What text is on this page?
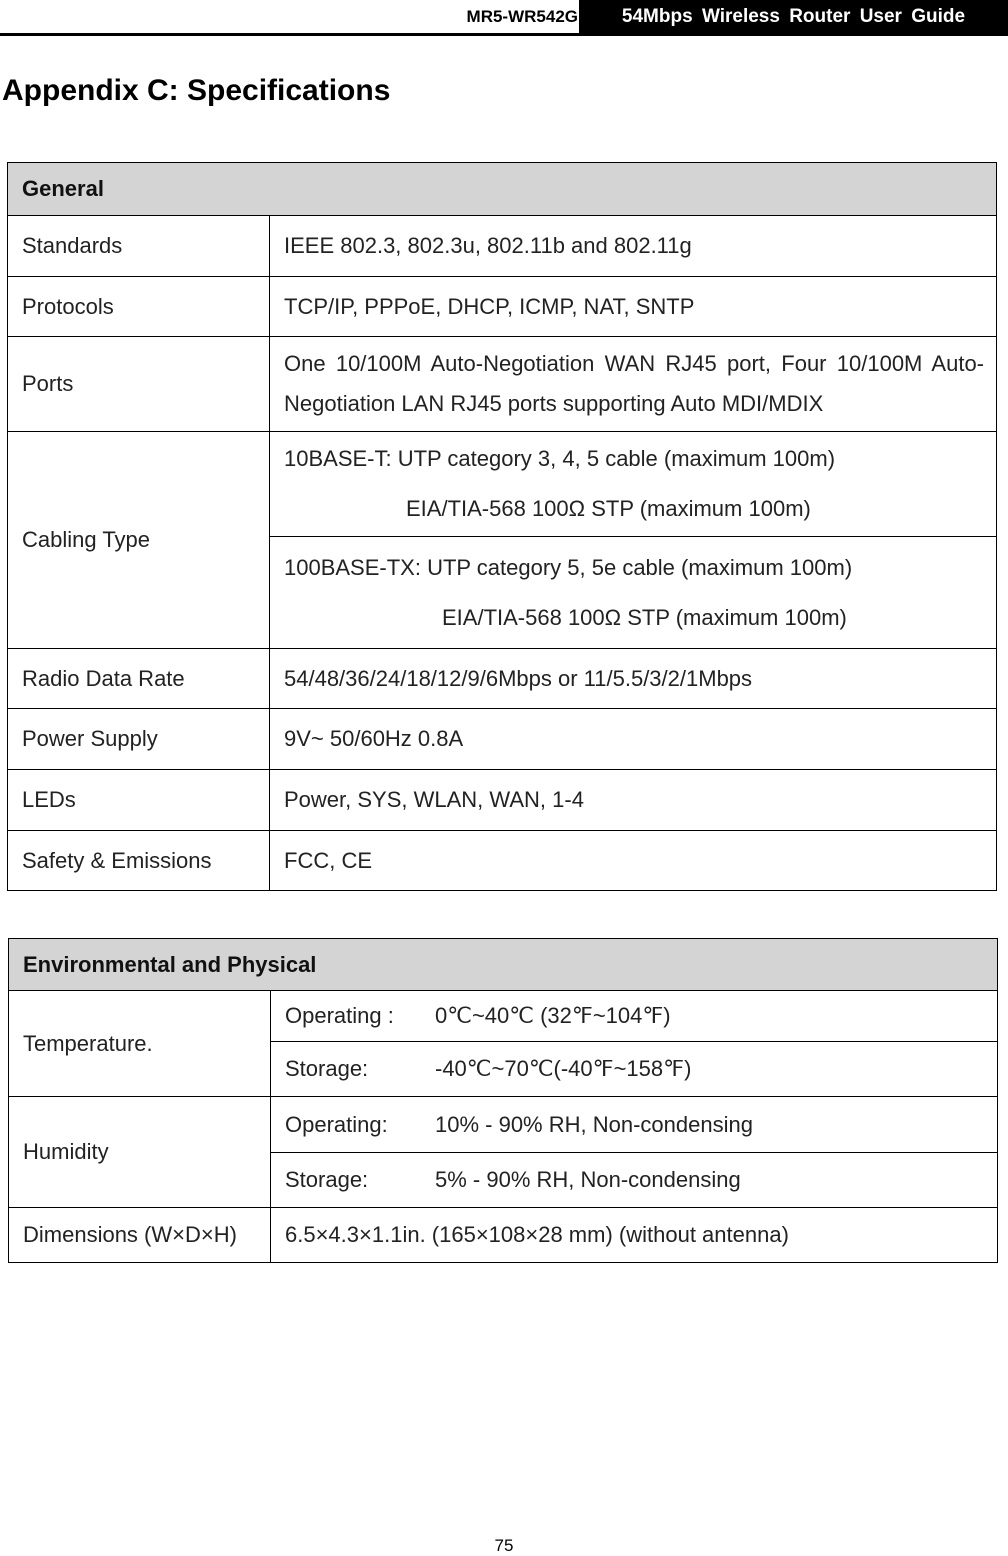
MR5-WR542G	54Mbps Wireless Router User Guide
Appendix C: Specifications
General	
Standards	IEEE 802.3, 802.3u, 802.11b and 802.11g
Protocols	TCP/IP, PPPoE, DHCP, ICMP, NAT, SNTP
Ports	One 10/100M Auto-Negotiation WAN RJ45 port, Four 10/100M Auto-Negotiation LAN RJ45 ports supporting Auto MDI/MDIX
Cabling Type	10BASE-T: UTP category 3, 4, 5 cable (maximum 100m)
EIA/TIA-568 100Ω STP (maximum 100m)

	100BASE-TX: UTP category 5, 5e cable (maximum 100m)
EIA/TIA-568 100Ω STP (maximum 100m)

Radio Data Rate	54/48/36/24/18/12/9/6Mbps or 11/5.5/3/2/1Mbps
Power Supply	9V~ 50/60Hz 0.8A
LEDs	Power, SYS, WLAN, WAN, 1-4
Safety & Emissions	FCC, CE
Environmental and Physical	
Temperature.	Operating : 0℃~40℃ (32℉~104℉)
	Storage: -40℃~70℃(-40℉~158℉)
Humidity	Operating: 10% - 90% RH, Non-condensing
	Storage: 5% - 90% RH, Non-condensing
Dimensions (W×D×H)	6.5×4.3×1.1in. (165×108×28 mm) (without antenna)
75
